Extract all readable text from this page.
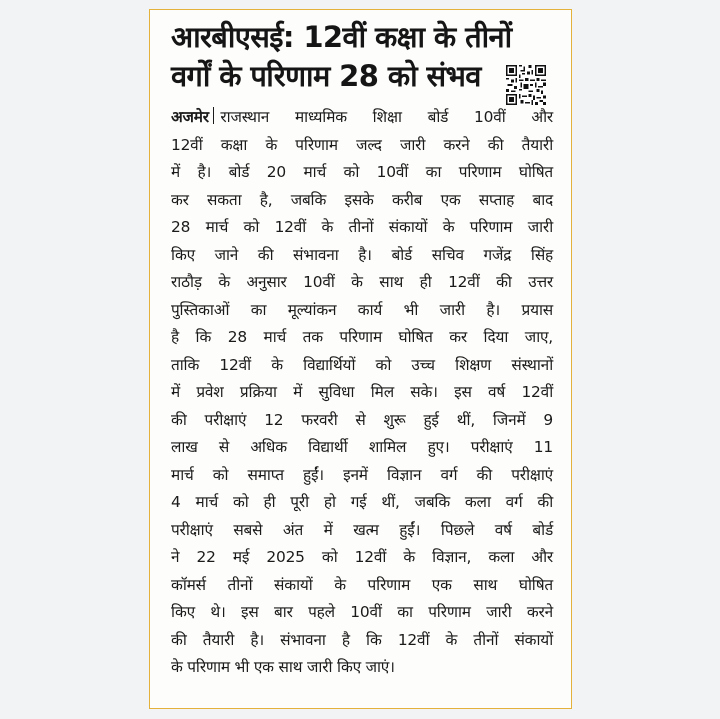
आरबीएसई: 12वीं कक्षा के तीनों
वर्गों के परिणाम 28 को संभव
अजमेर राजस्थान माध्यमिक शिक्षा बोर्ड 10वीं और
12वीं कक्षा के परिणाम जल्द जारी करने की तैयारी
में है। बोर्ड 20 मार्च को 10वीं का परिणाम घोषित
कर सकता है, जबकि इसके करीब एक सप्ताह बाद
28 मार्च को 12वीं के तीनों संकायों के परिणाम जारी
किए जाने की संभावना है। बोर्ड सचिव गजेंद्र सिंह
राठौड़ के अनुसार 10वीं के साथ ही 12वीं की उत्तर
पुस्तिकाओं का मूल्यांकन कार्य भी जारी है। प्रयास
है कि 28 मार्च तक परिणाम घोषित कर दिया जाए,
ताकि 12वीं के विद्यार्थियों को उच्च शिक्षण संस्थानों
में प्रवेश प्रक्रिया में सुविधा मिल सके। इस वर्ष 12वीं
की परीक्षाएं 12 फरवरी से शुरू हुई थीं, जिनमें 9
लाख से अधिक विद्यार्थी शामिल हुए। परीक्षाएं 11
मार्च को समाप्त हुईं। इनमें विज्ञान वर्ग की परीक्षाएं
4 मार्च को ही पूरी हो गई थीं, जबकि कला वर्ग की
परीक्षाएं सबसे अंत में खत्म हुईं। पिछले वर्ष बोर्ड
ने 22 मई 2025 को 12वीं के विज्ञान, कला और
कॉमर्स तीनों संकायों के परिणाम एक साथ घोषित
किए थे। इस बार पहले 10वीं का परिणाम जारी करने
की तैयारी है। संभावना है कि 12वीं के तीनों संकायों
के परिणाम भी एक साथ जारी किए जाएं।
